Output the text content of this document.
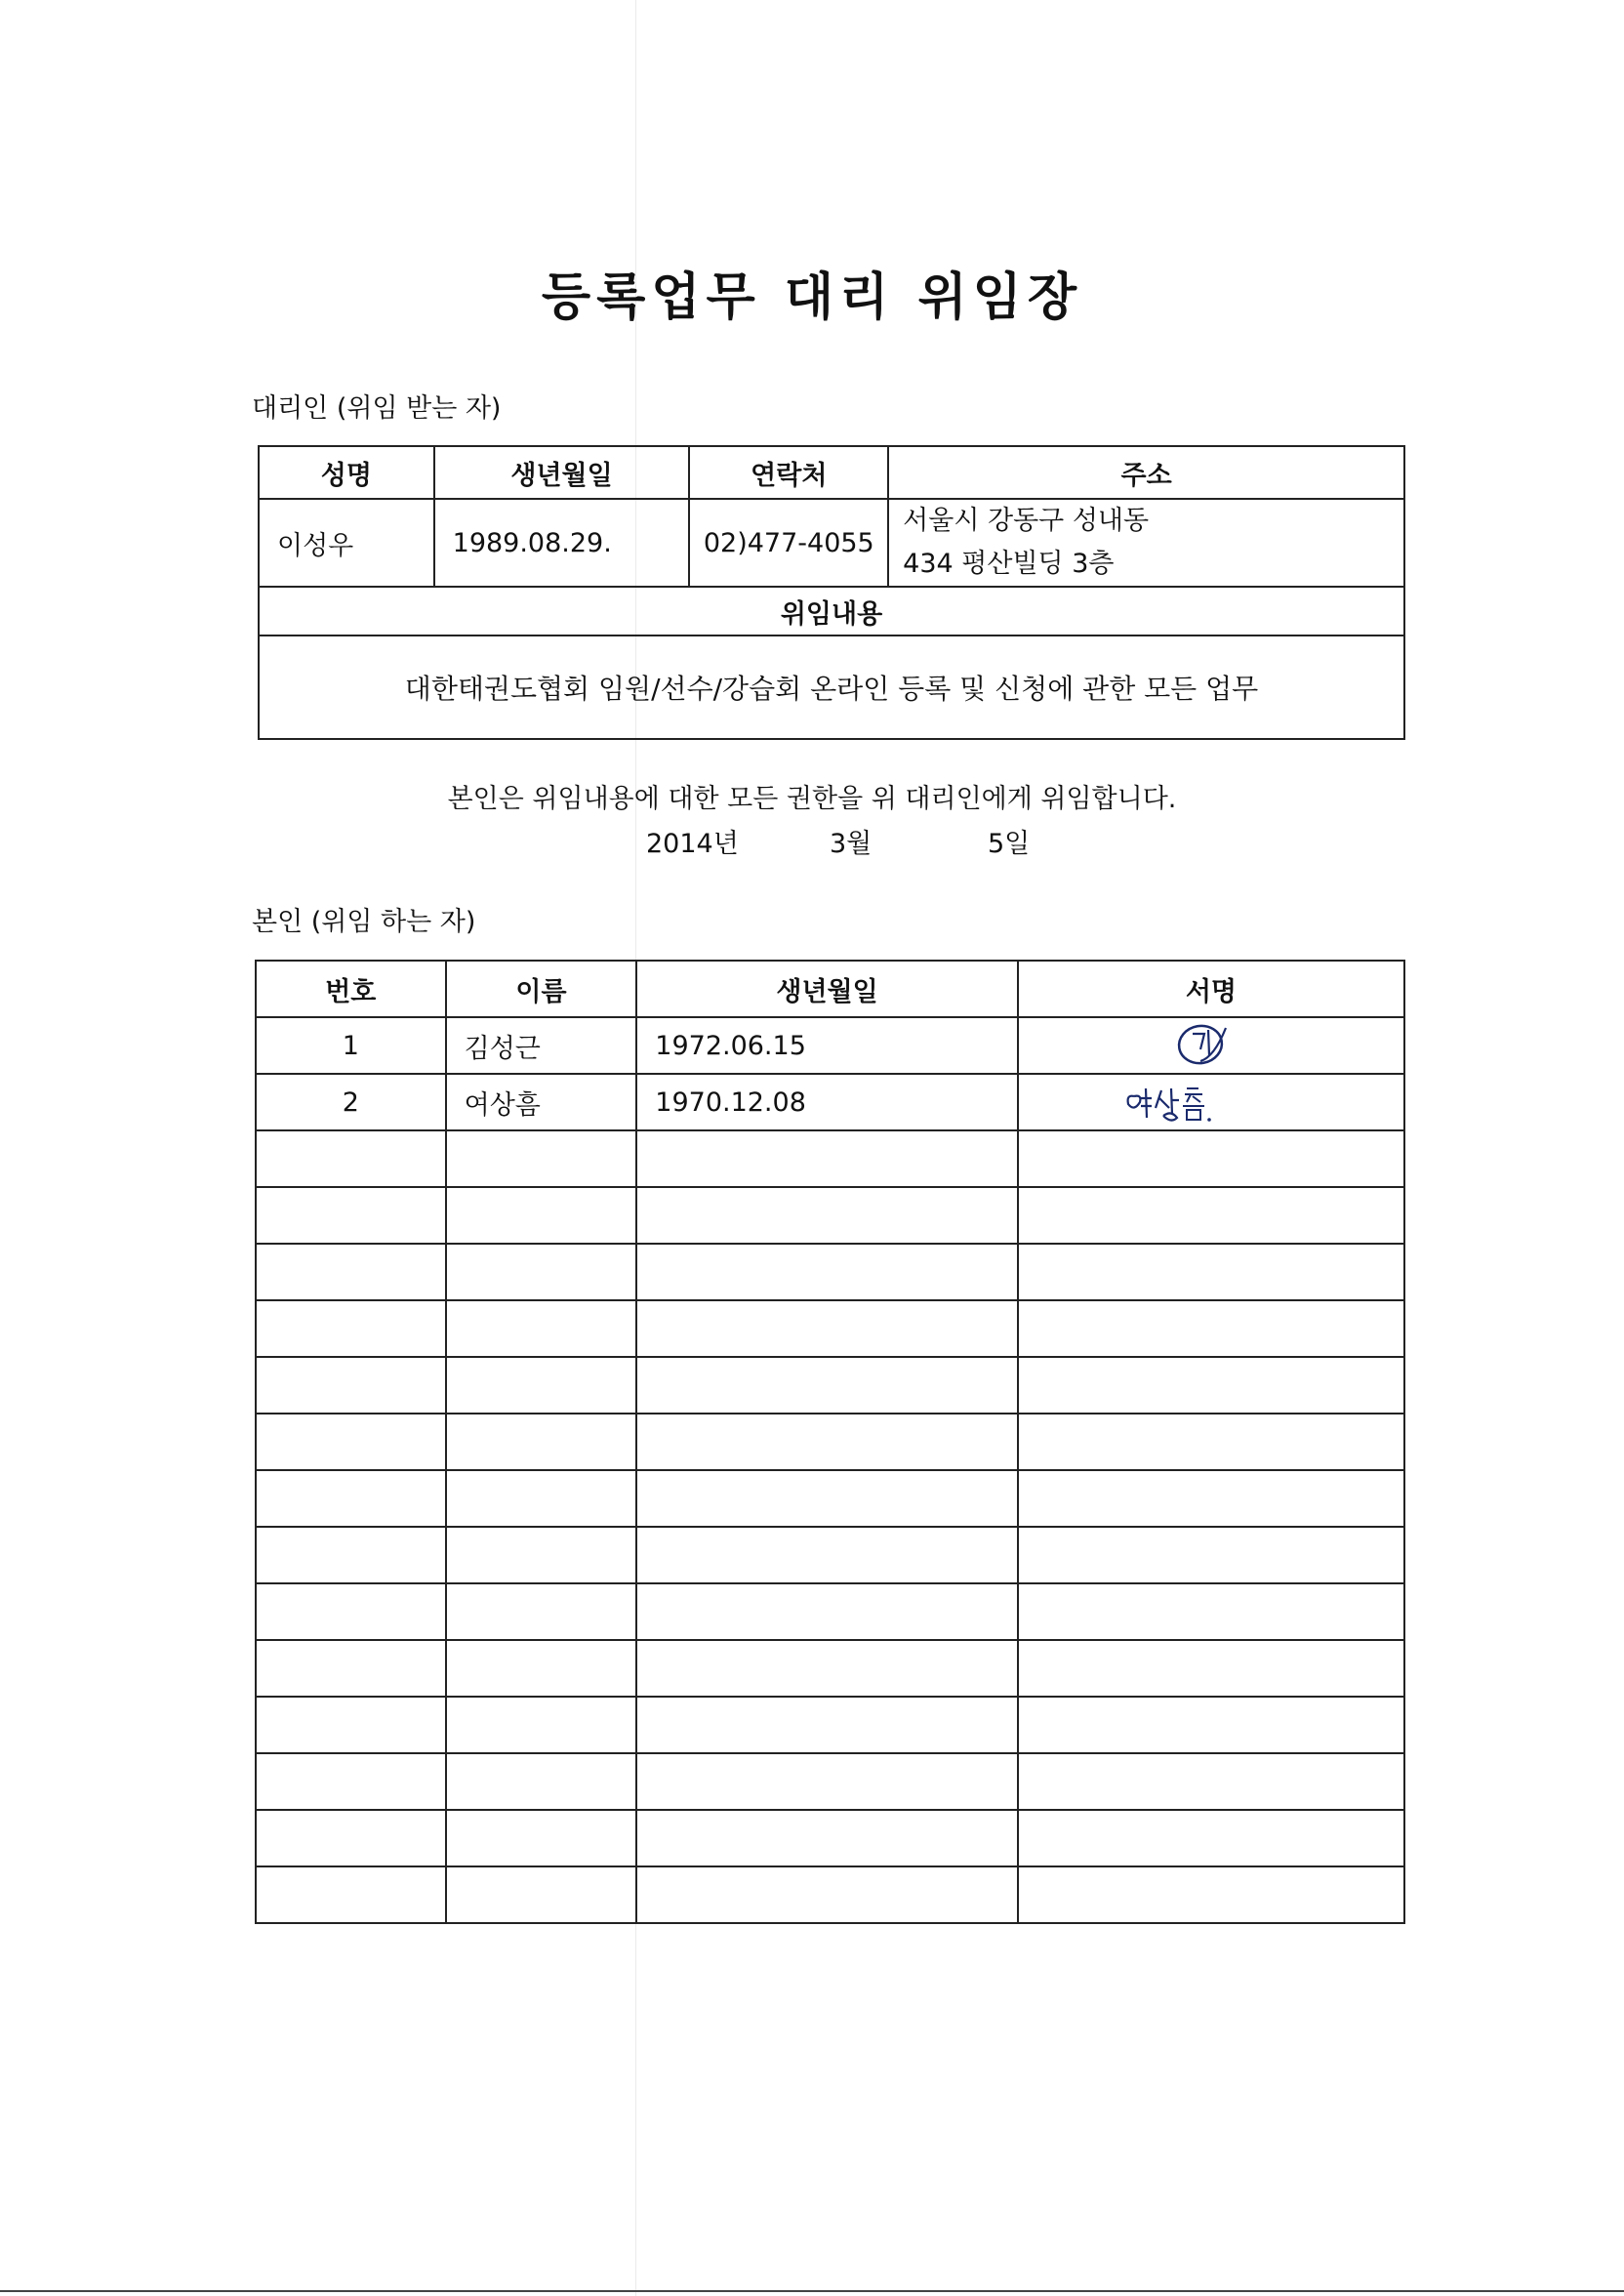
등록업무 대리 위임장

대리인 (위임 받는 자)

성명	생년월일	연락처	주소
이성우	1989.08.29.	02)477-4055	서울시 강동구 성내동
434 평산빌딩 3층

위임내용			
대한태권도협회 임원/선수/강습회 온라인 등록 및 신청에 관한 모든 업무			

본인은 위임내용에 대한 모든 권한을 위 대리인에게 위임합니다.

2014년	3월	5일

본인 (위임 하는 자)

번호	이름	생년월일	서명
1	김성근	1972.06.15	

2	여상흠	1970.12.08	
